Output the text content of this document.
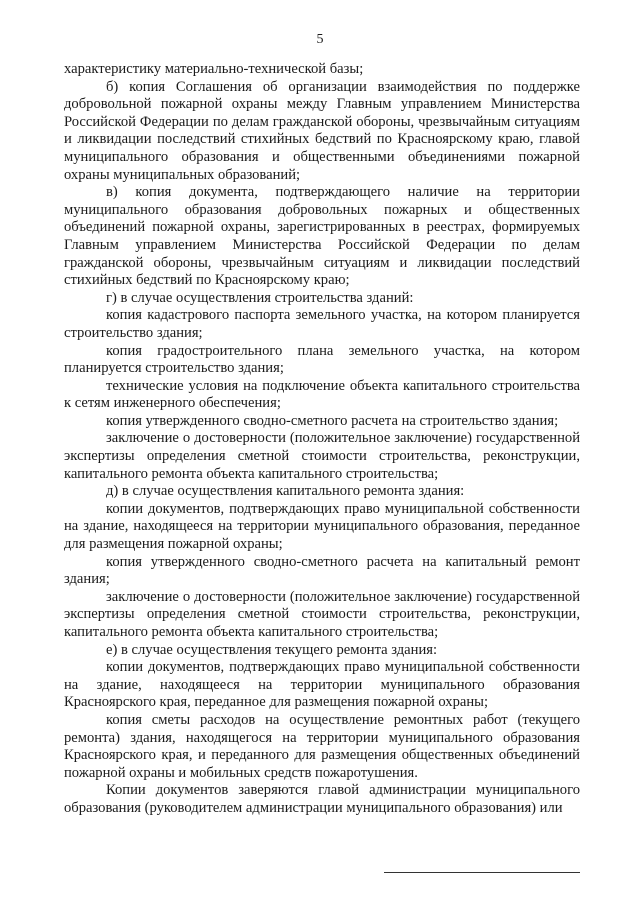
5

характеристику материально-технической базы;

б) копия Соглашения об организации взаимодействия по поддержке добровольной пожарной охраны между Главным управлением Министерства Российской Федерации по делам гражданской обороны, чрезвычайным ситуациям и ликвидации последствий стихийных бедствий по Красноярскому краю, главой муниципального образования и общественными объединениями пожарной охраны муниципальных образований;

в) копия документа, подтверждающего наличие на территории муниципального образования добровольных пожарных и общественных объединений пожарной охраны, зарегистрированных в реестрах, формируемых Главным управлением Министерства Российской Федерации по делам гражданской обороны, чрезвычайным ситуациям и ликвидации последствий стихийных бедствий по Красноярскому краю;

г) в случае осуществления строительства зданий:

копия кадастрового паспорта земельного участка, на котором планируется строительство здания;

копия градостроительного плана земельного участка, на котором планируется строительство здания;

технические условия на подключение объекта капитального строительства к сетям инженерного обеспечения;

копия утвержденного сводно-сметного расчета на строительство здания;

заключение о достоверности (положительное заключение) государственной экспертизы определения сметной стоимости строительства, реконструкции, капитального ремонта объекта капитального строительства;

д) в случае осуществления капитального ремонта здания:

копии документов, подтверждающих право муниципальной собственности на здание, находящееся на территории муниципального образования, переданное для размещения пожарной охраны;

копия утвержденного сводно-сметного расчета на капитальный ремонт здания;

заключение о достоверности (положительное заключение) государственной экспертизы определения сметной стоимости строительства, реконструкции, капитального ремонта объекта капитального строительства;

е) в случае осуществления текущего ремонта здания:

копии документов, подтверждающих право муниципальной собственности на здание, находящееся на территории муниципального образования Красноярского края, переданное для размещения пожарной охраны;

копия сметы расходов на осуществление ремонтных работ (текущего ремонта) здания, находящегося на территории муниципального образования Красноярского края, и переданного для размещения общественных объединений пожарной охраны и мобильных средств пожаротушения.

Копии документов заверяются главой администрации муниципального образования (руководителем администрации муниципального образования) или
